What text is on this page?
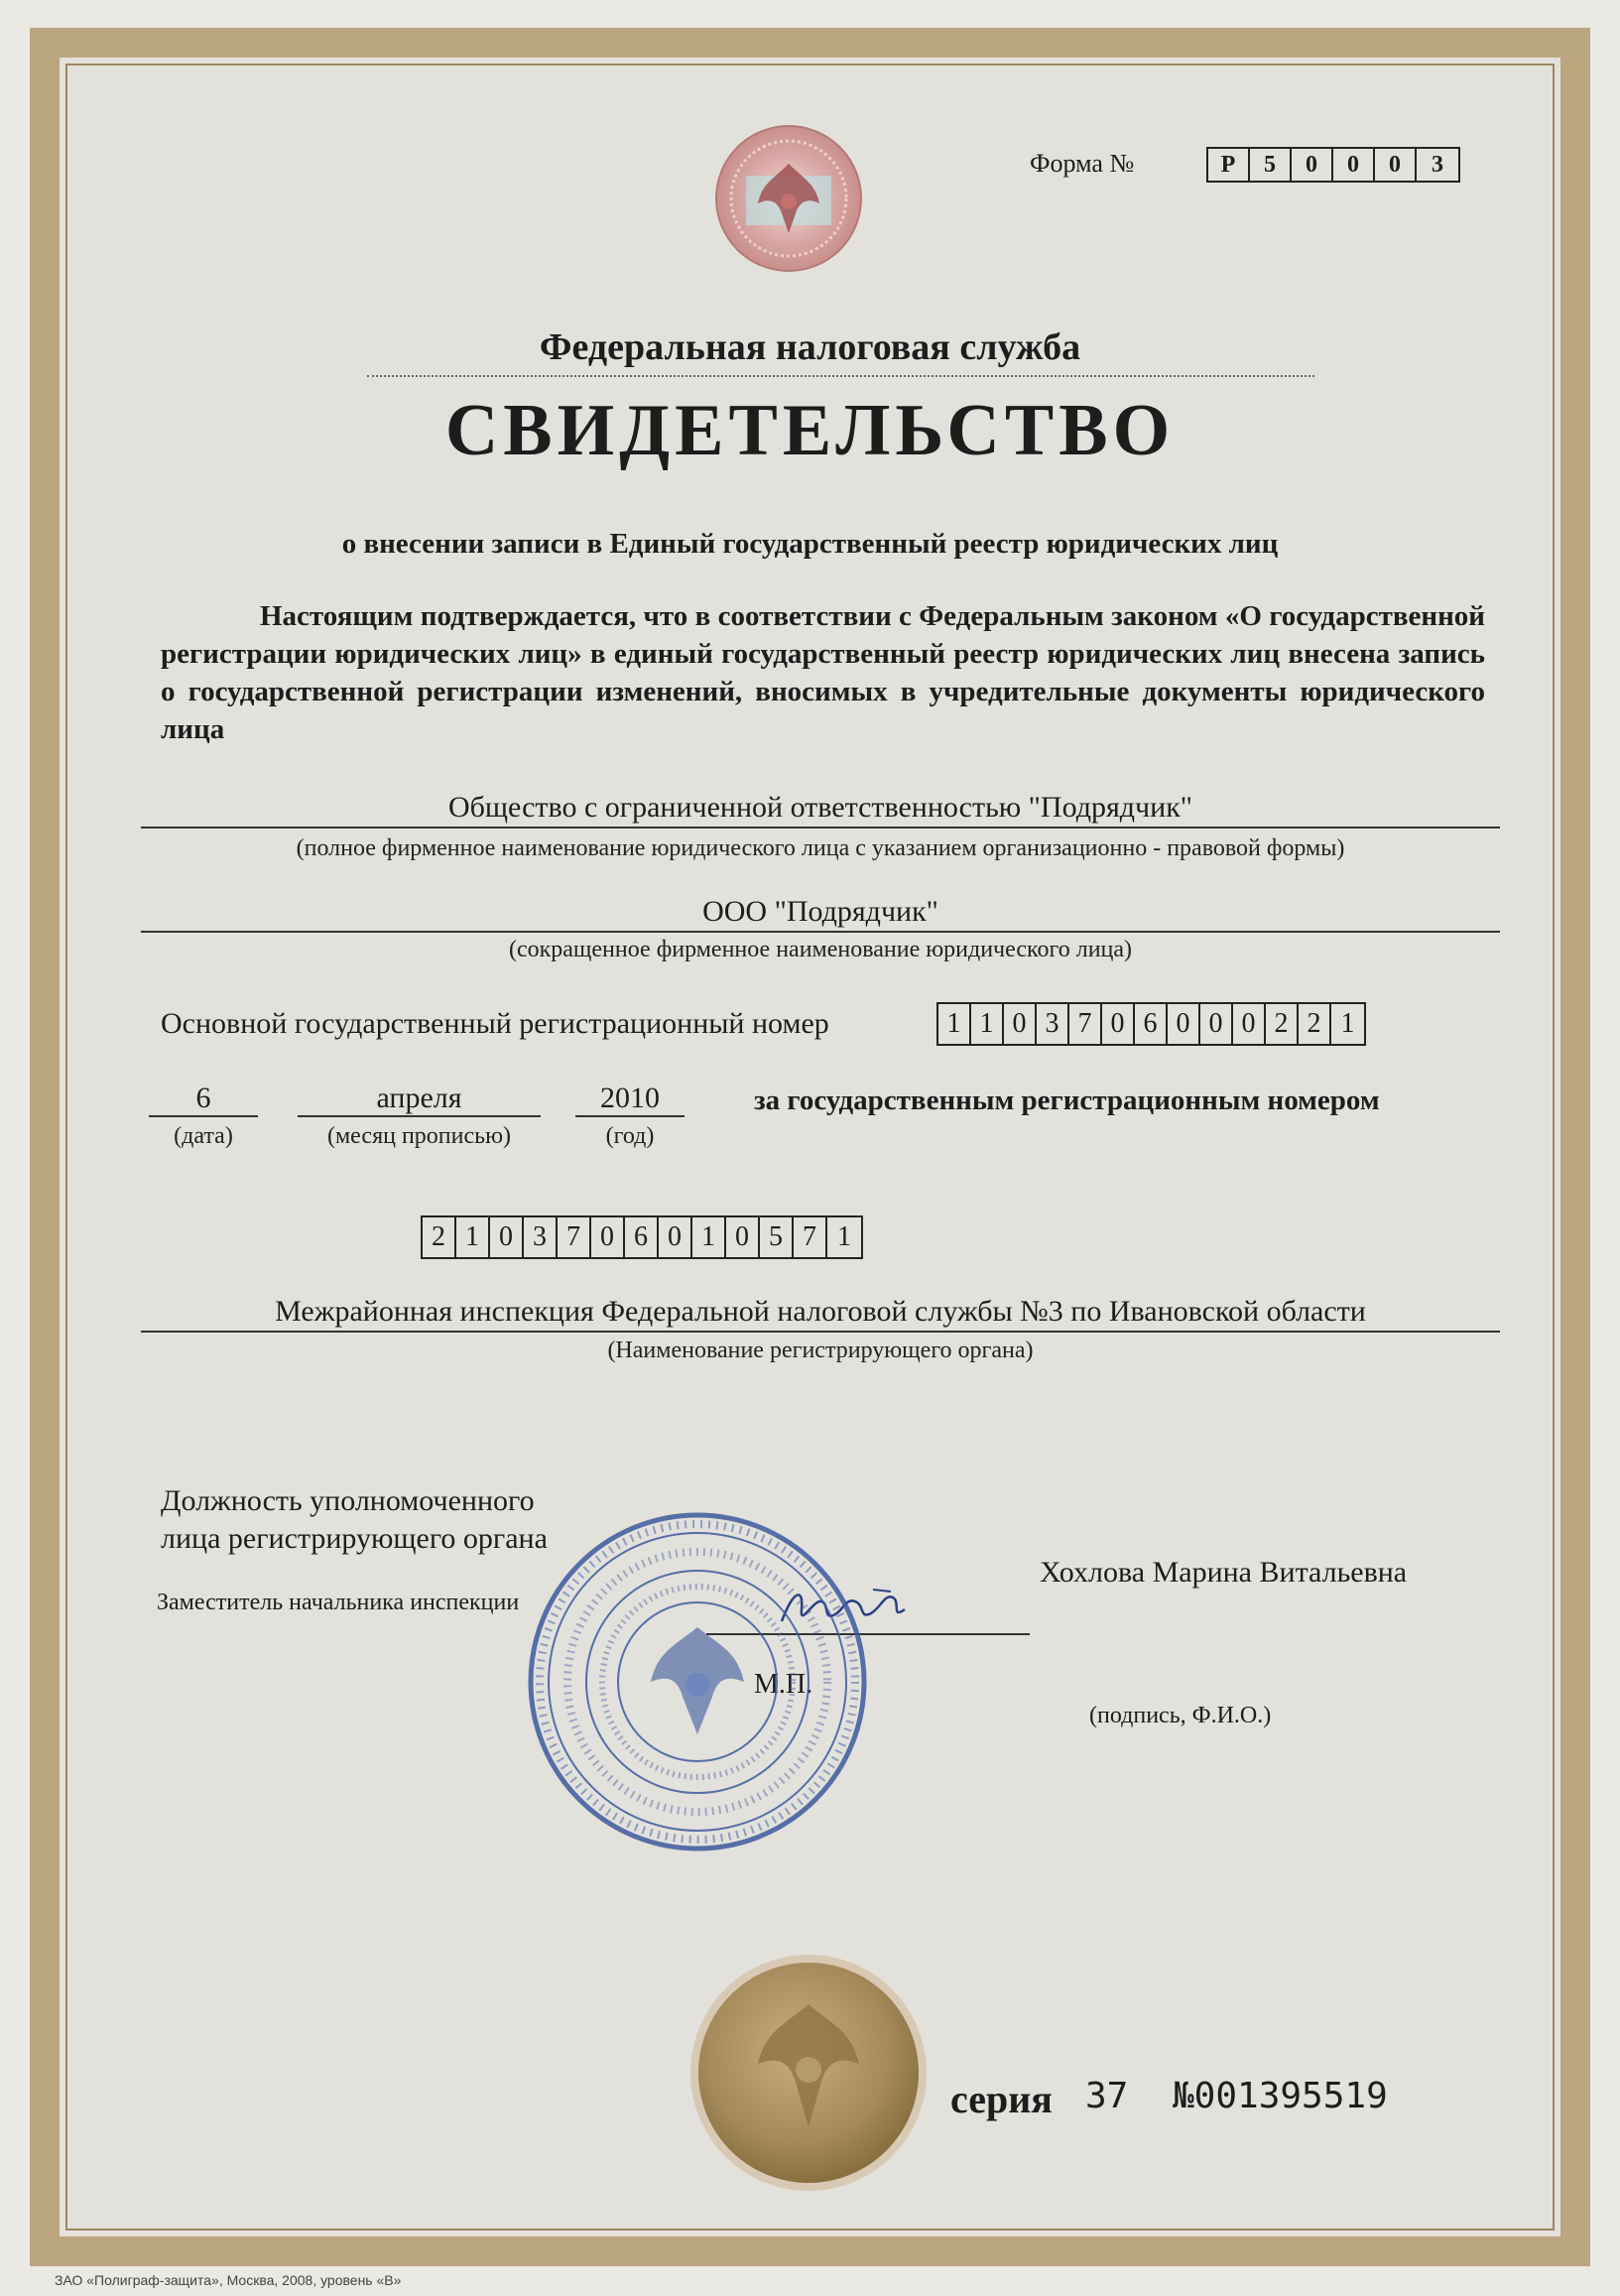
Форма №	Р	5	0	0	0	3
Федеральная налоговая служба
СВИДЕТЕЛЬСТВО
о внесении записи в Единый государственный реестр юридических лиц
Настоящим подтверждается, что в соответствии с Федеральным законом «О государственной регистрации юридических лиц» в единый государственный реестр юридических лиц внесена запись о государственной регистрации изменений, вносимых в учредительные документы юридического лица
Общество с ограниченной ответственностью "Подрядчик"
(полное фирменное наименование юридического лица с указанием организационно - правовой формы)
ООО "Подрядчик"
(сокращенное фирменное наименование юридического лица)
Основной государственный регистрационный номер	1 1 0 3 7 0 6 0 0 0 2 2 1
6
(дата)
апреля
(месяц прописью)
2010
(год)
за государственным регистрационным номером
2 1 0 3 7 0 6 0 1 0 5 7 1
Межрайонная инспекция Федеральной налоговой службы №3 по Ивановской области
(Наименование регистрирующего органа)
Должность уполномоченного
лица регистрирующего органа
Заместитель начальника инспекции
Хохлова Марина Витальевна
М.П.
(подпись, Ф.И.О.)
серия 37 №001395519
ЗАО «Полиграф-защита», Москва, 2008, уровень «В»
